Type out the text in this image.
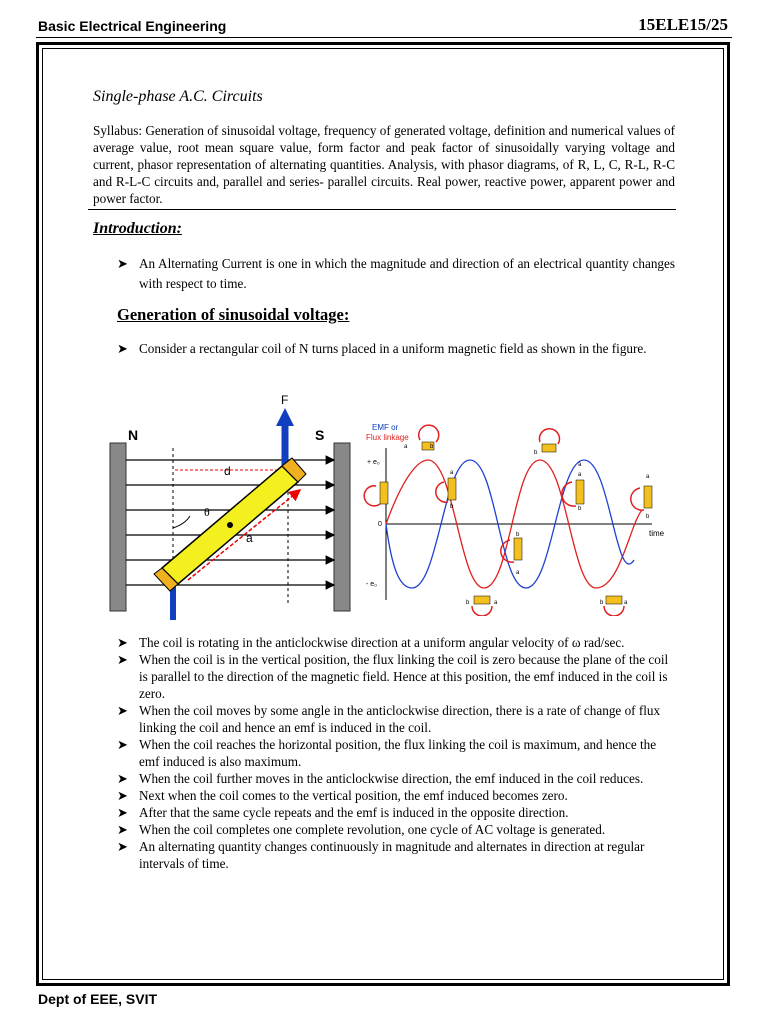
Basic Electrical Engineering	15ELE15/25
Single-phase A.C. Circuits
Syllabus: Generation of sinusoidal voltage, frequency of generated voltage, definition and numerical values of average value, root mean square value, form factor and peak factor of sinusoidally varying voltage and current, phasor representation of alternating quantities. Analysis, with phasor diagrams, of R, L, C, R-L, R-C and R-L-C circuits and, parallel and series- parallel circuits. Real power, reactive power, apparent power and power factor.
Introduction:
➤ An Alternating Current is one in which the magnitude and direction of an electrical quantity changes with respect to time.
Generation of sinusoidal voltage:
➤ Consider a rectangular coil of N turns placed in a uniform magnetic field as shown in the figure.
N	S
F
d
a
θ
EMF or
Flux linkage
+ e₀
0
- e₀
time
a	b
a
b
b
a
a
b
b
a
b	a	b	a
a
b
➤ The coil is rotating in the anticlockwise direction at a uniform angular velocity of ω rad/sec.
➤ When the coil is in the vertical position, the flux linking the coil is zero because the plane of the coil is parallel to the direction of the magnetic field. Hence at this position, the emf induced in the coil is zero.
➤ When the coil moves by some angle in the anticlockwise direction, there is a rate of change of flux linking the coil and hence an emf is induced in the coil.
➤ When the coil reaches the horizontal position, the flux linking the coil is maximum, and hence the emf induced is also maximum.
➤ When the coil further moves in the anticlockwise direction, the emf induced in the coil reduces.
➤ Next when the coil comes to the vertical position, the emf induced becomes zero.
➤ After that the same cycle repeats and the emf is induced in the opposite direction.
➤ When the coil completes one complete revolution, one cycle of AC voltage is generated.
➤ An alternating quantity changes continuously in magnitude and alternates in direction at regular intervals of time.
Dept of EEE, SVIT
